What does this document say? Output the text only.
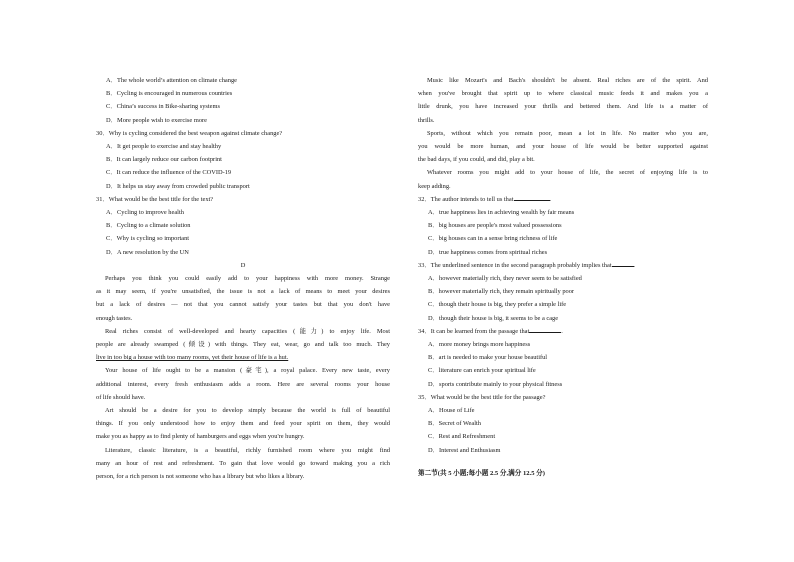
A．The whole world’s attention on climate change
B．Cycling is encouraged in numerous countries
C．China’s success in Bike-sharing systems
D．More people wish to exercise more
30．Why is cycling considered the best weapon against climate change?
A．It get people to exercise and stay healthy
B．It can largely reduce our carbon footprint
C．It can reduce the influence of the COVID-19
D．It helps us stay away from crowded public transport
31．What would be the best title for the text?
A．Cycling to improve health
B．Cycling to a climate solution
C．Why is cycling so important
D．A new resolution by the UN
D
Perhaps you think you could easily add to your happiness with more money. Strange
as it may seem, if you're unsatisfied, the issue is not a lack of means to meet your desires
but a lack of desires — not that you cannot satisfy your tastes but that you don't have
enough tastes.
Real riches consist of well-developed and hearty capacities (能力) to enjoy life. Most
people are already swamped (倾设) with things. They eat, wear, go and talk too much. They
live in too big a house with too many rooms, yet their house of life is a hut.
Your house of life ought to be a mansion (豪宅), a royal palace. Every new taste, every
additional interest, every fresh enthusiasm adds a room. Here are several rooms your house
of life should have.
Art should be a desire for you to develop simply because the world is full of beautiful
things. If you only understood how to enjoy them and feed your spirit on them, they would
make you as happy as to find plenty of hamburgers and eggs when you're hungry.
Literature, classic literature, is a beautiful, richly furnished room where you might find
many an hour of rest and refreshment. To gain that love would go toward making you a rich
person, for a rich person is not someone who has a library but who likes a library.
Music like Mozart's and Bach's shouldn't be absent. Real riches are of the spirit. And
when you've brought that spirit up to where classical music feeds it and makes you a
little drunk, you have increased your thrills and bettered them. And life is a matter of
thrills.
Sports, without which you remain poor, mean a lot in life. No matter who you are,
you would be more human, and your house of life would be better supported against
the bad days, if you could, and did, play a bit.
Whatever rooms you might add to your house of life, the secret of enjoying life is to
keep adding.
32．The author intends to tell us that	.
A．true happiness lies in achieving wealth by fair means
B．big houses are people's most valued possessions
C．big houses can in a sense bring richness of life
D．true happiness comes from spiritual riches
33．The underlined sentence in the second paragraph probably implies that	.
A．however materially rich, they never seem to be satisfied
B．however materially rich, they remain spiritually poor
C．though their house is big, they prefer a simple life
D．though their house is big, it seems to be a cage
34．It can be learned from the passage that	.
A．more money brings more happiness
B．art is needed to make your house beautiful
C．literature can enrich your spiritual life
D．sports contribute mainly to your physical fitness
35．What would be the best title for the passage?
A．House of Life
B．Secret of Wealth
C．Rest and Refreshment
D．Interest and Enthusiasm
第二节(共 5 小题;每小题 2.5 分,满分 12.5 分)
